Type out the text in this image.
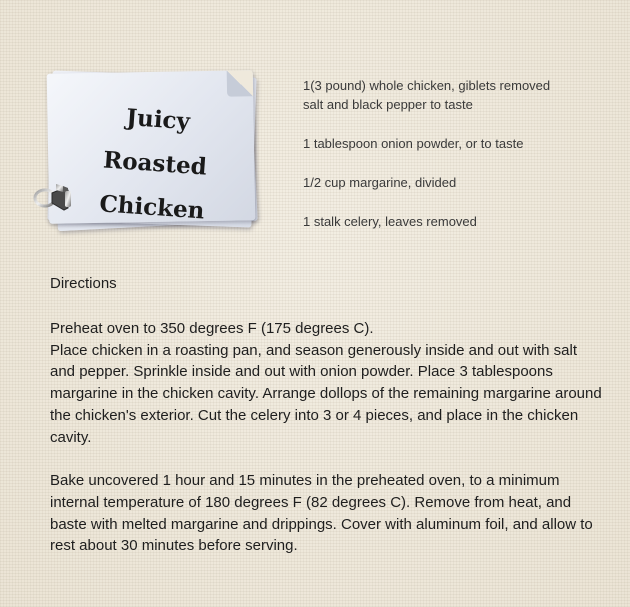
Juicy Roasted
Chicken
1(3 pound) whole chicken, giblets removed
salt and black pepper to taste
1 tablespoon onion powder, or to taste
1/2 cup margarine, divided
1 stalk celery, leaves removed
Directions

Preheat oven to 350 degrees F (175 degrees C).

Place chicken in a roasting pan, and season generously inside and out with salt and pepper. Sprinkle inside and out with onion powder. Place 3 tablespoons margarine in the chicken cavity. Arrange dollops of the remaining margarine around the chicken's exterior. Cut the celery into 3 or 4 pieces, and place in the chicken cavity.

Bake uncovered 1 hour and 15 minutes in the preheated oven, to a minimum internal temperature of 180 degrees F (82 degrees C). Remove from heat, and baste with melted margarine and drippings. Cover with aluminum foil, and allow to rest about 30 minutes before serving.
